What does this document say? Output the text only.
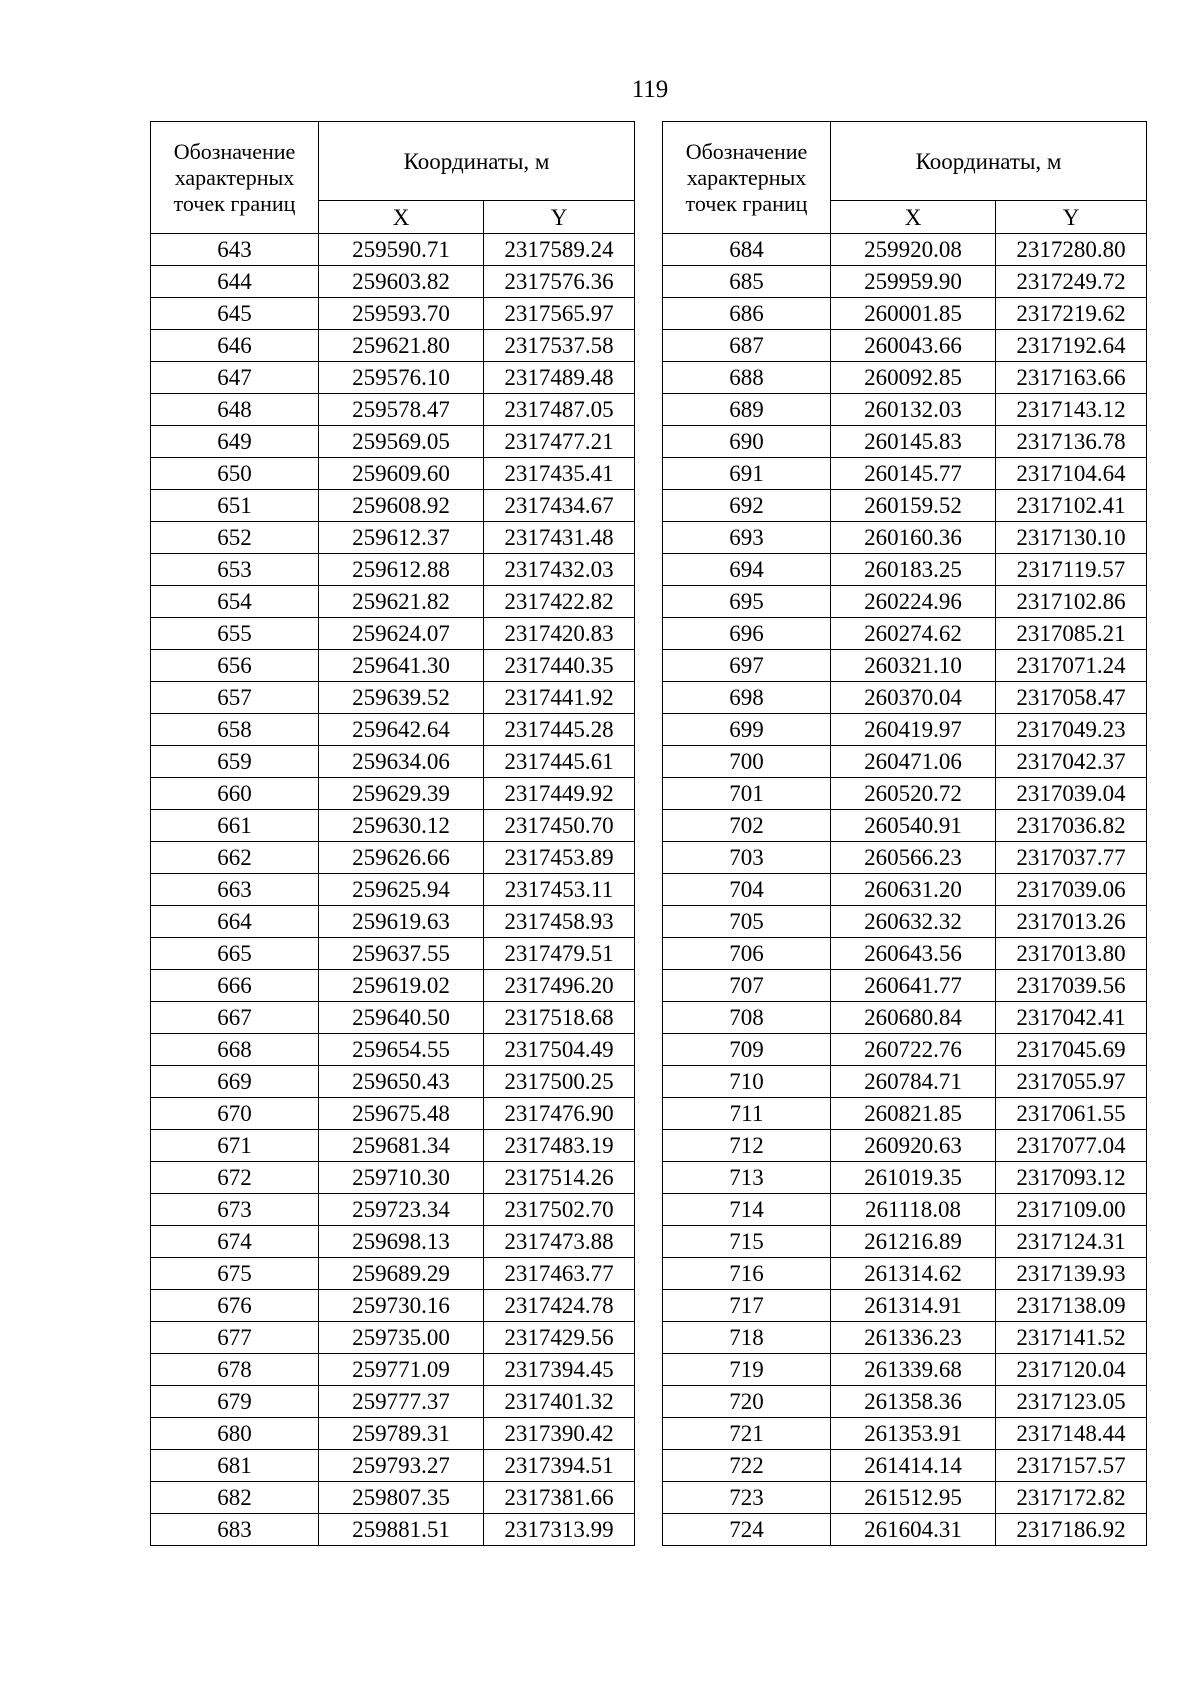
119
Обозначение характерных точек границ	Координаты, м	
	X	Y
643	259590.71	2317589.24
644	259603.82	2317576.36
645	259593.70	2317565.97
646	259621.80	2317537.58
647	259576.10	2317489.48
648	259578.47	2317487.05
649	259569.05	2317477.21
650	259609.60	2317435.41
651	259608.92	2317434.67
652	259612.37	2317431.48
653	259612.88	2317432.03
654	259621.82	2317422.82
655	259624.07	2317420.83
656	259641.30	2317440.35
657	259639.52	2317441.92
658	259642.64	2317445.28
659	259634.06	2317445.61
660	259629.39	2317449.92
661	259630.12	2317450.70
662	259626.66	2317453.89
663	259625.94	2317453.11
664	259619.63	2317458.93
665	259637.55	2317479.51
666	259619.02	2317496.20
667	259640.50	2317518.68
668	259654.55	2317504.49
669	259650.43	2317500.25
670	259675.48	2317476.90
671	259681.34	2317483.19
672	259710.30	2317514.26
673	259723.34	2317502.70
674	259698.13	2317473.88
675	259689.29	2317463.77
676	259730.16	2317424.78
677	259735.00	2317429.56
678	259771.09	2317394.45
679	259777.37	2317401.32
680	259789.31	2317390.42
681	259793.27	2317394.51
682	259807.35	2317381.66
683	259881.51	2317313.99
Обозначение характерных точек границ	Координаты, м	
	X	Y
684	259920.08	2317280.80
685	259959.90	2317249.72
686	260001.85	2317219.62
687	260043.66	2317192.64
688	260092.85	2317163.66
689	260132.03	2317143.12
690	260145.83	2317136.78
691	260145.77	2317104.64
692	260159.52	2317102.41
693	260160.36	2317130.10
694	260183.25	2317119.57
695	260224.96	2317102.86
696	260274.62	2317085.21
697	260321.10	2317071.24
698	260370.04	2317058.47
699	260419.97	2317049.23
700	260471.06	2317042.37
701	260520.72	2317039.04
702	260540.91	2317036.82
703	260566.23	2317037.77
704	260631.20	2317039.06
705	260632.32	2317013.26
706	260643.56	2317013.80
707	260641.77	2317039.56
708	260680.84	2317042.41
709	260722.76	2317045.69
710	260784.71	2317055.97
711	260821.85	2317061.55
712	260920.63	2317077.04
713	261019.35	2317093.12
714	261118.08	2317109.00
715	261216.89	2317124.31
716	261314.62	2317139.93
717	261314.91	2317138.09
718	261336.23	2317141.52
719	261339.68	2317120.04
720	261358.36	2317123.05
721	261353.91	2317148.44
722	261414.14	2317157.57
723	261512.95	2317172.82
724	261604.31	2317186.92
